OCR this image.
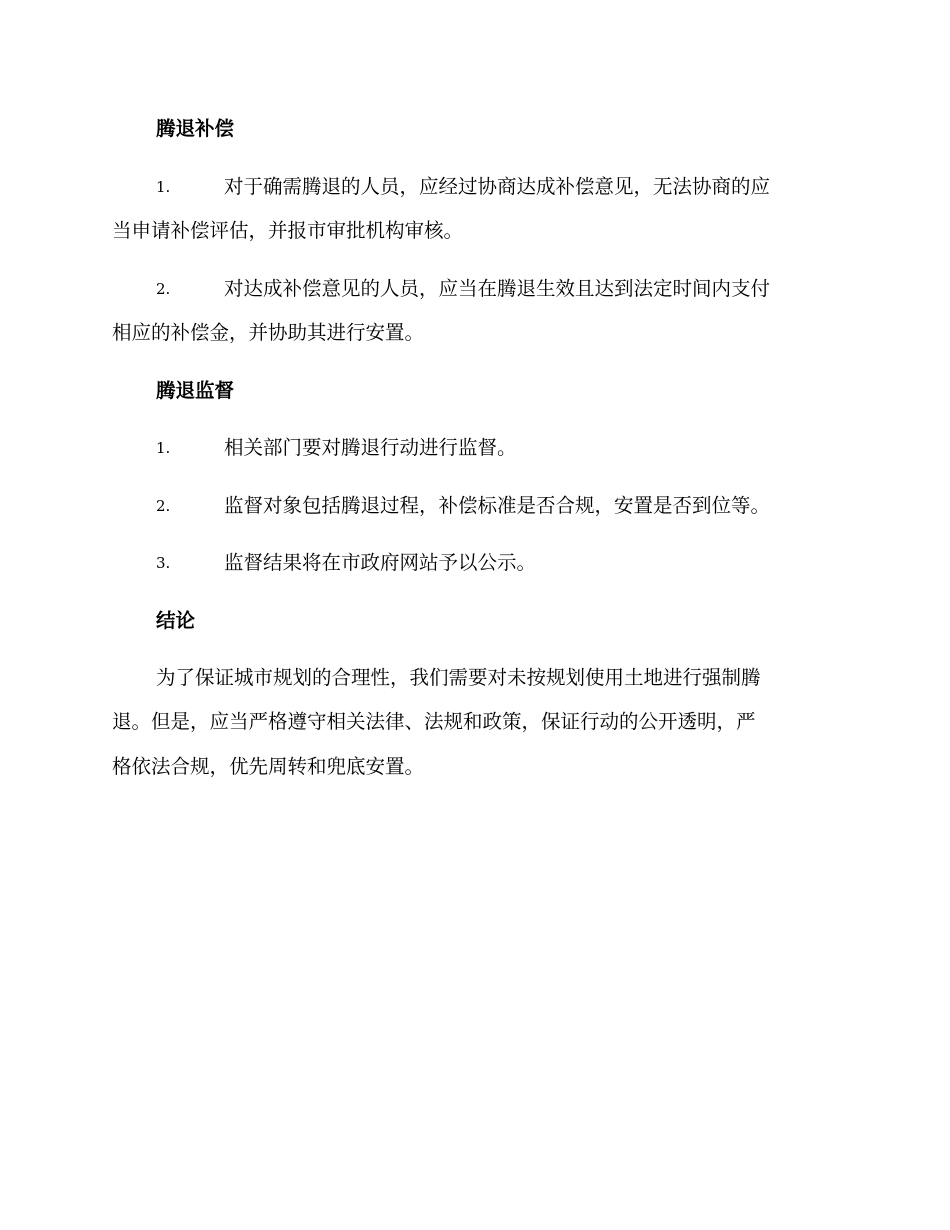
腾退补偿
1.	对于确需腾退的人员，应经过协商达成补偿意见，无法协商的应
当申请补偿评估，并报市审批机构审核。
2.	对达成补偿意见的人员，应当在腾退生效且达到法定时间内支付
相应的补偿金，并协助其进行安置。
腾退监督
1.	相关部门要对腾退行动进行监督。
2.	监督对象包括腾退过程，补偿标准是否合规，安置是否到位等。
3.	监督结果将在市政府网站予以公示。
结论
为了保证城市规划的合理性，我们需要对未按规划使用土地进行强制腾
退。但是，应当严格遵守相关法律、法规和政策，保证行动的公开透明，严
格依法合规，优先周转和兜底安置。
